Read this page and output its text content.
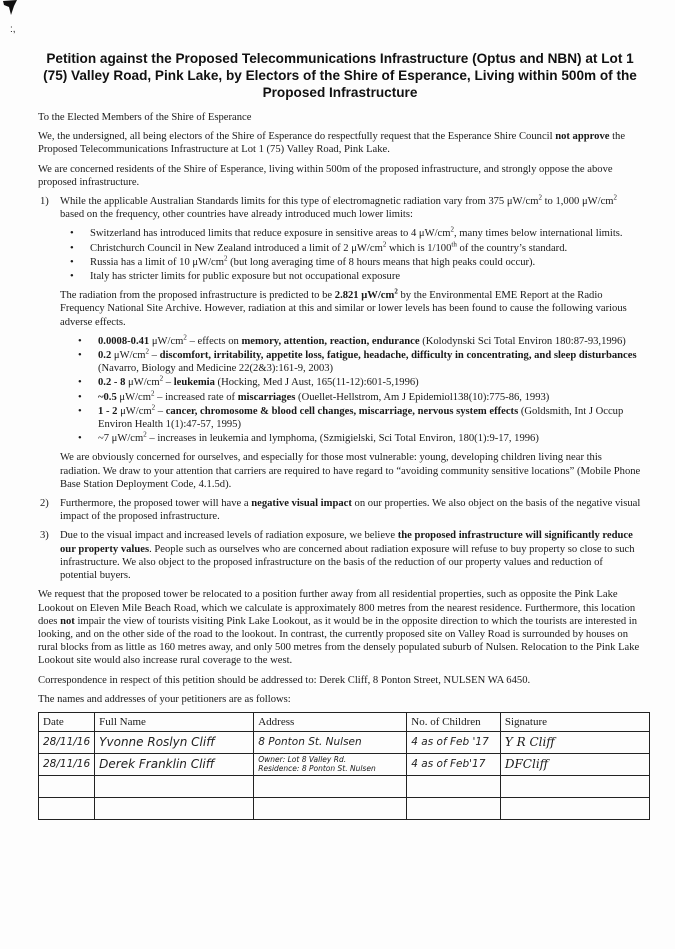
:,
Petition against the Proposed Telecommunications Infrastructure (Optus and NBN) at Lot 1 (75) Valley Road, Pink Lake, by Electors of the Shire of Esperance, Living within 500m of the Proposed Infrastructure

To the Elected Members of the Shire of Esperance

We, the undersigned, all being electors of the Shire of Esperance do respectfully request that the Esperance Shire Council not approve the Proposed Telecommunications Infrastructure at Lot 1 (75) Valley Road, Pink Lake.

We are concerned residents of the Shire of Esperance, living within 500m of the proposed infrastructure, and strongly oppose the above proposed infrastructure.

1)	While the applicable Australian Standards limits for this type of electromagnetic radiation vary from 375 $\mu W/cm^2$ to 1,000 $\mu W/cm^2$ based on the frequency, other countries have already introduced much lower limits:
• Switzerland has introduced limits that reduce exposure in sensitive areas to 4 $\mu W/cm^2$, many times below international limits.
• Christchurch Council in New Zealand introduced a limit of 2 $\mu W/cm^2$ which is 1/100th of the country’s standard.
• Russia has a limit of 10 $\mu W/cm^2$ (but long averaging time of 8 hours means that high peaks could occur).
• Italy has stricter limits for public exposure but not occupational exposure
The radiation from the proposed infrastructure is predicted to be 2.821 $\mu W/cm^2$ by the Environmental EME Report at the Radio Frequency National Site Archive. However, radiation at this and similar or lower levels has been found to cause the following various adverse effects.
• 0.0008-0.41 $\mu W/cm^2$ – effects on memory, attention, reaction, endurance (Kolodynski Sci Total Environ 180:87-93,1996)
• 0.2 $\mu W/cm^2$ – discomfort, irritability, appetite loss, fatigue, headache, difficulty in concentrating, and sleep disturbances (Navarro, Biology and Medicine 22(2&3):161-9, 2003)
• 0.2 - 8 $\mu W/cm^2$ – leukemia (Hocking, Med J Aust, 165(11-12):601-5,1996)
• ~0.5 $\mu W/cm^2$ – increased rate of miscarriages (Ouellet-Hellstrom, Am J Epidemiol138(10):775-86, 1993)
• 1 - 2 $\mu W/cm^2$ – cancer, chromosome & blood cell changes, miscarriage, nervous system effects (Goldsmith, Int J Occup Environ Health 1(1):47-57, 1995)
• ~7 $\mu W/cm^2$ – increases in leukemia and lymphoma, (Szmigielski, Sci Total Environ, 180(1):9-17, 1996)
We are obviously concerned for ourselves, and especially for those most vulnerable: young, developing children living near this radiation. We draw to your attention that carriers are required to have regard to “avoiding community sensitive locations” (Mobile Phone Base Station Deployment Code, 4.1.5d).
2)	Furthermore, the proposed tower will have a negative visual impact on our properties. We also object on the basis of the negative visual impact of the proposed infrastructure.
3)	Due to the visual impact and increased levels of radiation exposure, we believe the proposed infrastructure will significantly reduce our property values. People such as ourselves who are concerned about radiation exposure will refuse to buy property so close to such infrastructure. We also object to the proposed infrastructure on the basis of the reduction of our property values and reduction of potential buyers.

We request that the proposed tower be relocated to a position further away from all residential properties, such as opposite the Pink Lake Lookout on Eleven Mile Beach Road, which we calculate is approximately 800 metres from the nearest residence. Furthermore, this location does not impair the view of tourists visiting Pink Lake Lookout, as it would be in the opposite direction to which the tourists are interested in looking, and on the other side of the road to the lookout. In contrast, the currently proposed site on Valley Road is surrounded by houses on rural blocks from as little as 160 metres away, and only 500 metres from the densely populated suburb of Nulsen. Relocation to the Pink Lake Lookout site would also increase rural coverage to the west.

Correspondence in respect of this petition should be addressed to: Derek Cliff, 8 Ponton Street, NULSEN WA 6450.

The names and addresses of your petitioners are as follows:

Date	Full Name	Address	No. of Children	Signature
28/11/16	Yvonne Roslyn Cliff	8 Ponton St. Nulsen	4 as of Feb '17	Y R Cliff
28/11/16	Derek Franklin Cliff	Owner: Lot 8 Valley Rd.
Residence: 8 Ponton St. Nulsen	4 as of Feb'17	DFCliff
